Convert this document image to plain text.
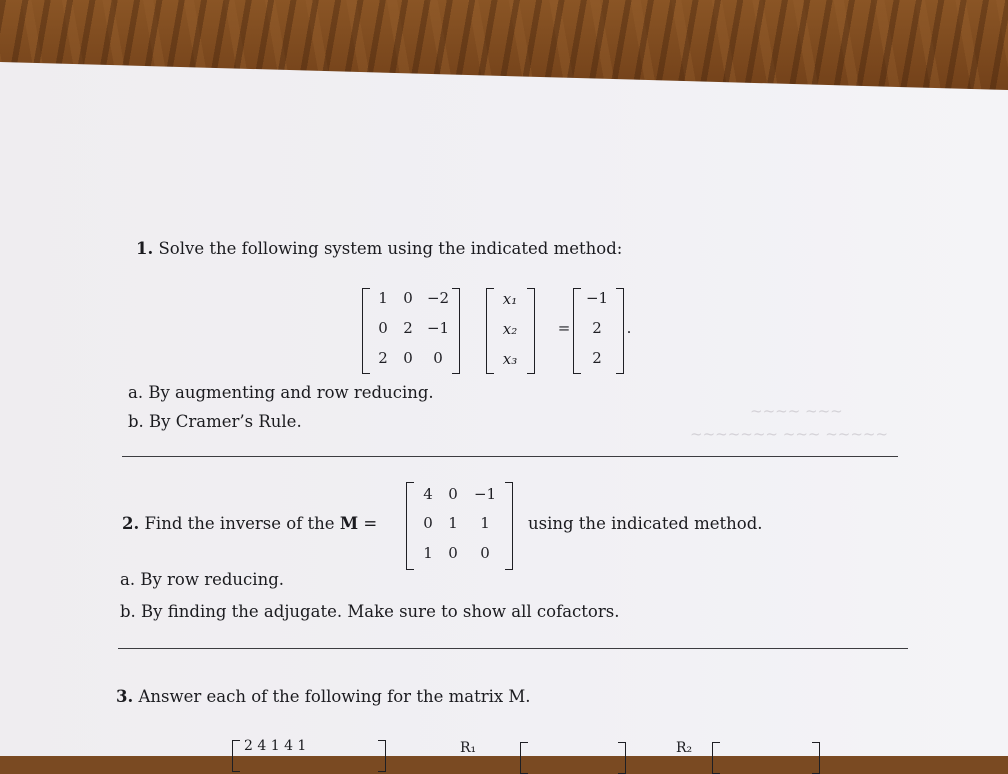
~~~~ ~~~
~~~~~~~ ~~~ ~~~~~
1. Solve the following system using the indicated method:
1	0 −2
0	2 −1
2	0	0
x₁
x₂
x₃
=
−1
2
2
.
a. By augmenting and row reducing.
b. By Cramer’s Rule.
2. Find the inverse of the M =
4	0	−1
0	1	1
1	0	0
using the indicated method.
a. By row reducing.
b. By finding the adjugate. Make sure to show all cofactors.
3. Answer each of the following for the matrix M.
2 4 1 4 1	R₁	R₂
